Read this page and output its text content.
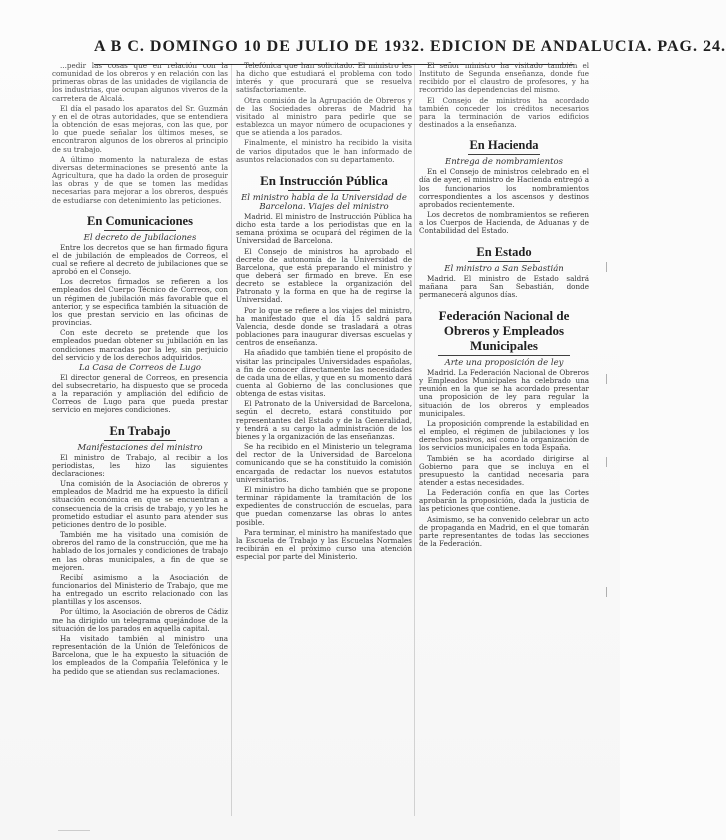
A B C. DOMINGO 10 DE JULIO DE 1932. EDICION DE ANDALUCIA. PAG. 24.

...pedir las cosas que en relación con la comunidad de los obreros y en relación con las primeras obras de las unidades de vigilancia de los industrias, que ocupan algunos viveros de la carretera de Alcalá.

El día el pasado los aparatos del Sr. Guzmán y en el de otras autoridades, que se entendiera la obtención de esas mejoras, con las que, por lo que puede señalar los últimos meses, se encontraron algunos de los obreros al principio de su trabajo.

A último momento la naturaleza de estas diversas determinaciones se presentó ante la Agricultura, que ha dado la orden de proseguir las obras y de que se tomen las medidas necesarias para mejorar a los obreros, después de estudiarse con detenimiento las peticiones.

En Comunicaciones
El decreto de Jubilaciones

Entre los decretos que se han firmado figura el de jubilación de empleados de Correos, el cual se refiere al decreto de jubilaciones que se aprobó en el Consejo.

Los decretos firmados se refieren a los empleados del Cuerpo Técnico de Correos, con un régimen de jubilación más favorable que el anterior, y se especifica también la situación de los que prestan servicio en las oficinas de provincias.

Con este decreto se pretende que los empleados puedan obtener su jubilación en las condiciones marcadas por la ley, sin perjuicio del servicio y de los derechos adquiridos.

La Casa de Correos de Lugo

El director general de Correos, en presencia del subsecretario, ha dispuesto que se proceda a la reparación y ampliación del edificio de Correos de Lugo para que pueda prestar servicio en mejores condiciones.

En Trabajo
Manifestaciones del ministro

El ministro de Trabajo, al recibir a los periodistas, les hizo las siguientes declaraciones:

Una comisión de la Asociación de obreros y empleados de Madrid me ha expuesto la difícil situación económica en que se encuentran a consecuencia de la crisis de trabajo, y yo les he prometido estudiar el asunto para atender sus peticiones dentro de lo posible.

También me ha visitado una comisión de obreros del ramo de la construcción, que me ha hablado de los jornales y condiciones de trabajo en las obras municipales, a fin de que se mejoren.

Recibí asimismo a la Asociación de funcionarios del Ministerio de Trabajo, que me ha entregado un escrito relacionado con las plantillas y los ascensos.

Por último, la Asociación de obreros de Cádiz me ha dirigido un telegrama quejándose de la situación de los parados en aquella capital.

Ha visitado también al ministro una representación de la Unión de Telefónicos de Barcelona, que le ha expuesto la situación de los empleados de la Compañía Telefónica y le ha pedido que se atiendan sus reclamaciones.

Telefónica que han solicitado. El ministro les ha dicho que estudiará el problema con todo interés y que procurará que se resuelva satisfactoriamente.

Otra comisión de la Agrupación de Obreros y de las Sociedades obreras de Madrid ha visitado al ministro para pedirle que se establezca un mayor número de ocupaciones y que se atienda a los parados.

Finalmente, el ministro ha recibido la visita de varios diputados que le han informado de asuntos relacionados con su departamento.

En Instrucción Pública
El ministro habla de la Universidad de Barcelona. Viajes del ministro

Madrid. El ministro de Instrucción Pública ha dicho esta tarde a los periodistas que en la semana próxima se ocupará del régimen de la Universidad de Barcelona.

El Consejo de ministros ha aprobado el decreto de autonomía de la Universidad de Barcelona, que está preparando el ministro y que deberá ser firmado en breve. En ese decreto se establece la organización del Patronato y la forma en que ha de regirse la Universidad.

Por lo que se refiere a los viajes del ministro, ha manifestado que el día 15 saldrá para Valencia, desde donde se trasladará a otras poblaciones para inaugurar diversas escuelas y centros de enseñanza.

Ha añadido que también tiene el propósito de visitar las principales Universidades españolas, a fin de conocer directamente las necesidades de cada una de ellas, y que en su momento dará cuenta al Gobierno de las conclusiones que obtenga de estas visitas.

El Patronato de la Universidad de Barcelona, según el decreto, estará constituido por representantes del Estado y de la Generalidad, y tendrá a su cargo la administración de los bienes y la organización de las enseñanzas.

Se ha recibido en el Ministerio un telegrama del rector de la Universidad de Barcelona comunicando que se ha constituido la comisión encargada de redactar los nuevos estatutos universitarios.

El ministro ha dicho también que se propone terminar rápidamente la tramitación de los expedientes de construcción de escuelas, para que puedan comenzarse las obras lo antes posible.

Para terminar, el ministro ha manifestado que la Escuela de Trabajo y las Escuelas Normales recibirán en el próximo curso una atención especial por parte del Ministerio.

El señor ministro ha visitado también el Instituto de Segunda enseñanza, donde fue recibido por el claustro de profesores, y ha recorrido las dependencias del mismo.

El Consejo de ministros ha acordado también conceder los créditos necesarios para la terminación de varios edificios destinados a la enseñanza.

En Hacienda
Entrega de nombramientos

En el Consejo de ministros celebrado en el día de ayer, el ministro de Hacienda entregó a los funcionarios los nombramientos correspondientes a los ascensos y destinos aprobados recientemente.

Los decretos de nombramientos se refieren a los Cuerpos de Hacienda, de Aduanas y de Contabilidad del Estado.

En Estado
El ministro a San Sebastián

Madrid. El ministro de Estado saldrá mañana para San Sebastián, donde permanecerá algunos días.

Federación Nacional de Obreros y Empleados Municipales
Arte una proposición de ley

Madrid. La Federación Nacional de Obreros y Empleados Municipales ha celebrado una reunión en la que se ha acordado presentar una proposición de ley para regular la situación de los obreros y empleados municipales.

La proposición comprende la estabilidad en el empleo, el régimen de jubilaciones y los derechos pasivos, así como la organización de los servicios municipales en toda España.

También se ha acordado dirigirse al Gobierno para que se incluya en el presupuesto la cantidad necesaria para atender a estas necesidades.

La Federación confía en que las Cortes aprobarán la proposición, dada la justicia de las peticiones que contiene.

Asimismo, se ha convenido celebrar un acto de propaganda en Madrid, en el que tomarán parte representantes de todas las secciones de la Federación.
